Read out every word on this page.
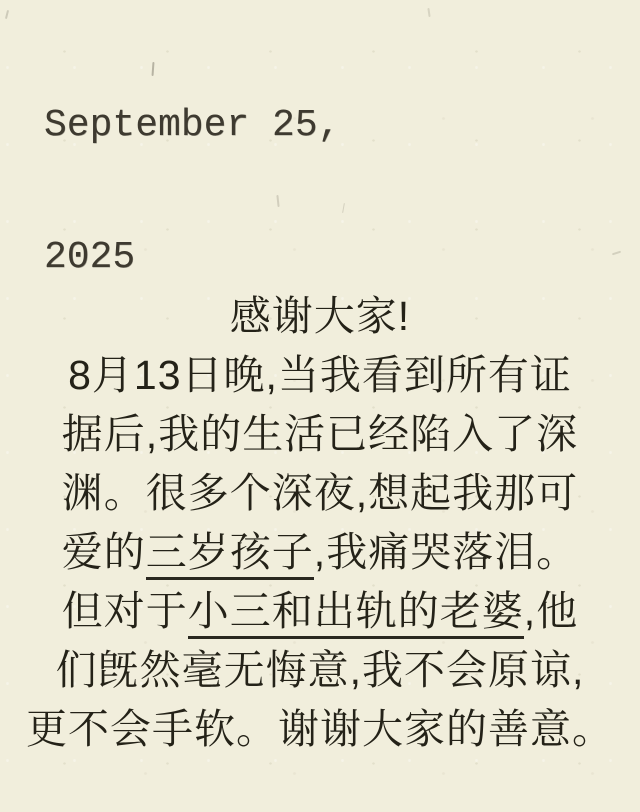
September 25,

2025

感谢大家!
8月13日晚,当我看到所有证
据后,我的生活已经陷入了深
渊。很多个深夜,想起我那可
爱的三岁孩子,我痛哭落泪。
但对于小三和出轨的老婆,他
们旣然毫无悔意,我不会原谅,
更不会手软。谢谢大家的善意。
